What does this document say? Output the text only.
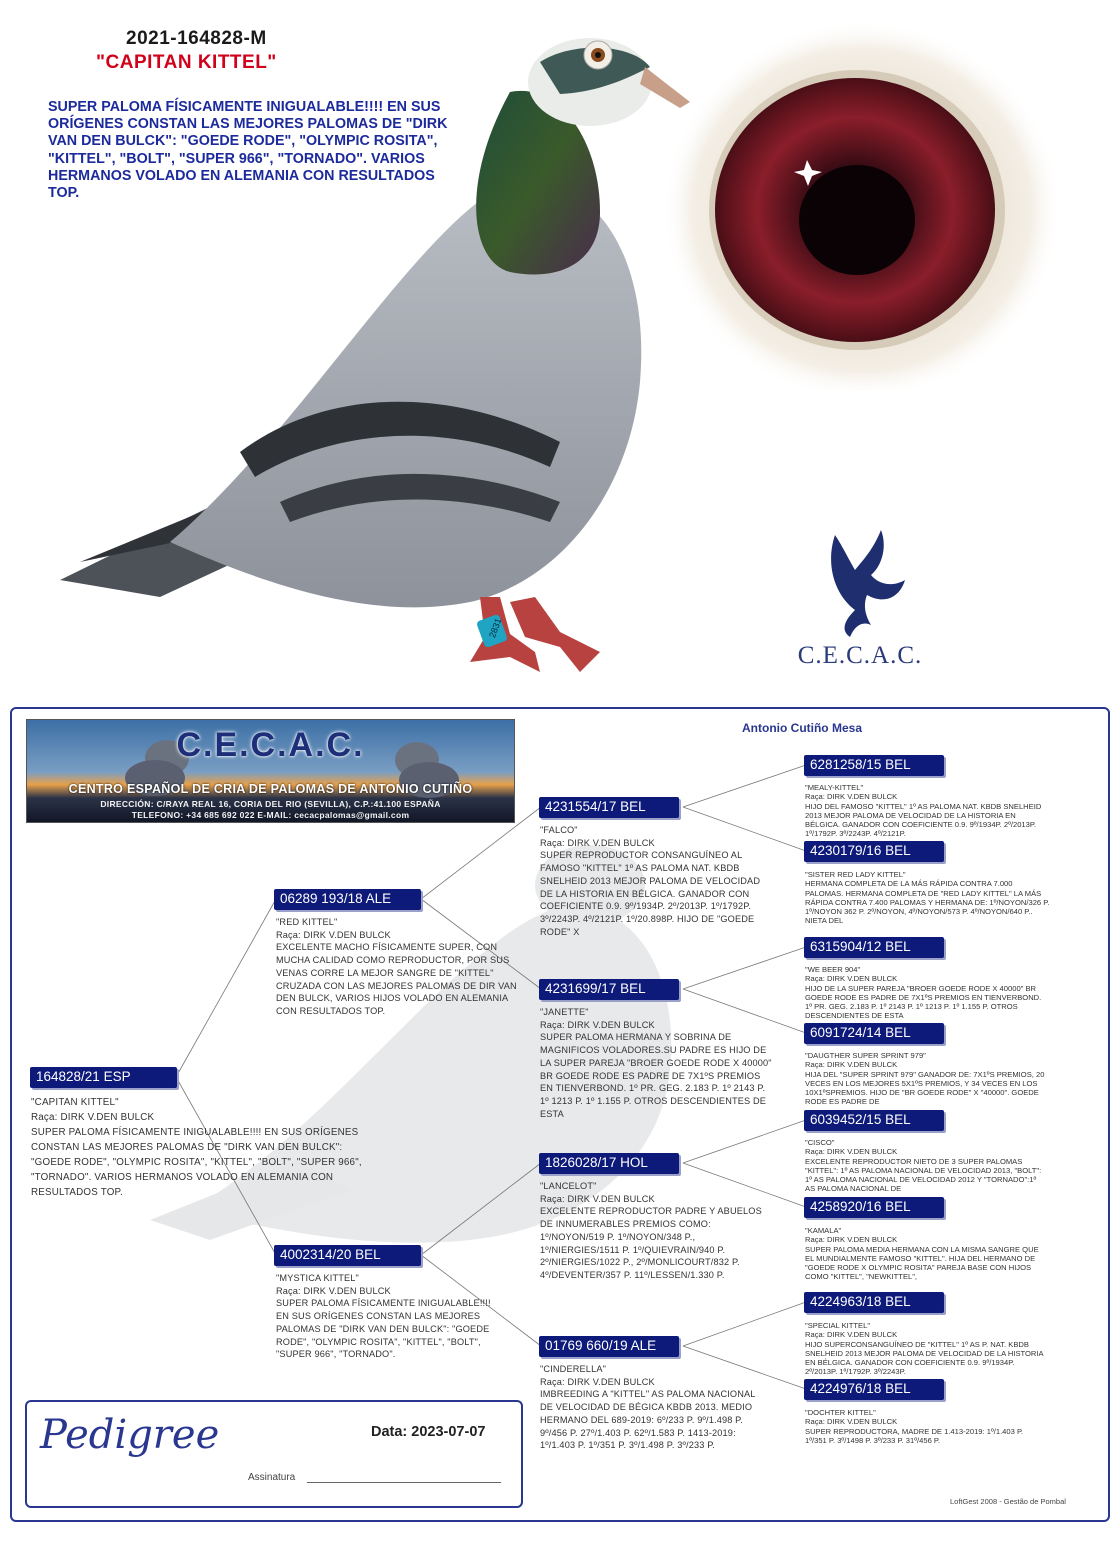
2021-164828-M
"CAPITAN KITTEL"
SUPER PALOMA FÍSICAMENTE INIGUALABLE!!!! EN SUS ORÍGENES CONSTAN LAS MEJORES PALOMAS DE "DIRK VAN DEN BULCK": "GOEDE RODE", "OLYMPIC ROSITA", "KITTEL", "BOLT", "SUPER 966", "TORNADO". VARIOS HERMANOS VOLADO EN ALEMANIA CON RESULTADOS TOP.
2831
C.E.C.A.C.
C.E.C.A.C.
CENTRO ESPAÑOL DE CRIA DE PALOMAS DE ANTONIO CUTIÑO
DIRECCIÓN: C/RAYA REAL 16, CORIA DEL RIO (SEVILLA), C.P.:41.100 ESPAÑA
TELEFONO: +34 685 692 022 E-MAIL: cecacpalomas@gmail.com
Antonio Cutiño Mesa
164828/21 ESP

"CAPITAN KITTEL"

Raça: DIRK V.DEN BULCK

SUPER PALOMA FÍSICAMENTE INIGUALABLE!!!! EN SUS ORÍGENES CONSTAN LAS MEJORES PALOMAS DE "DIRK VAN DEN BULCK": "GOEDE RODE", "OLYMPIC ROSITA", "KITTEL", "BOLT", "SUPER 966", "TORNADO". VARIOS HERMANOS VOLADO EN ALEMANIA CON RESULTADOS TOP.

06289 193/18 ALE

"RED KITTEL"

Raça: DIRK V.DEN BULCK

EXCELENTE MACHO FÍSICAMENTE SUPER, CON MUCHA CALIDAD COMO REPRODUCTOR, POR SUS VENAS CORRE LA MEJOR SANGRE DE "KITTEL" CRUZADA CON LAS MEJORES PALOMAS DE DIR VAN DEN BULCK, VARIOS HIJOS VOLADO EN ALEMANIA CON RESULTADOS TOP.

4002314/20 BEL

"MYSTICA KITTEL"

Raça: DIRK V.DEN BULCK

SUPER PALOMA FÍSICAMENTE INIGUALABLE!!!! EN SUS ORÍGENES CONSTAN LAS MEJORES PALOMAS DE "DIRK VAN DEN BULCK": "GOEDE RODE", "OLYMPIC ROSITA", "KITTEL", "BOLT", "SUPER 966", "TORNADO".

4231554/17 BEL

"FALCO"

Raça: DIRK V.DEN BULCK

SUPER REPRODUCTOR CONSANGUÍNEO AL FAMOSO "KITTEL" 1º AS PALOMA NAT. KBDB SNELHEID 2013 MEJOR PALOMA DE VELOCIDAD DE LA HISTORIA EN BÉLGICA. GANADOR CON COEFICIENTE 0.9. 9º/1934P. 2º/2013P. 1º/1792P. 3º/2243P. 4º/2121P. 1º/20.898P. HIJO DE "GOEDE RODE" X

4231699/17 BEL

"JANETTE"

Raça: DIRK V.DEN BULCK

SUPER PALOMA HERMANA Y SOBRINA DE MAGNIFICOS VOLADORES.SU PADRE ES HIJO DE LA SUPER PAREJA "BROER GOEDE RODE X 40000" BR GOEDE RODE ES PADRE DE 7X1ºS PREMIOS EN TIENVERBOND. 1º PR. GEG. 2.183 P. 1º 2143 P. 1º 1213 P. 1º 1.155 P. OTROS DESCENDIENTES DE ESTA

1826028/17 HOL

"LANCELOT"

Raça: DIRK V.DEN BULCK

EXCELENTE REPRODUCTOR PADRE Y ABUELOS DE INNUMERABLES PREMIOS COMO: 1º/NOYON/519 P. 1º/NOYON/348 P., 1º/NIERGIES/1511 P. 1º/QUIEVRAIN/940 P. 2º/NIERGIES/1022 P., 2º/MONLICOURT/832 P. 4º/DEVENTER/357 P. 11º/LESSEN/1.330 P.

01769 660/19 ALE

"CINDERELLA"

Raça: DIRK V.DEN BULCK

IMBREEDING A "KITTEL" AS PALOMA NACIONAL DE VELOCIDAD DE BÉGICA KBDB 2013. MEDIO HERMANO DEL 689-2019: 6º/233 P. 9º/1.498 P. 9º/456 P. 27º/1.403 P. 62º/1.583 P. 1413-2019: 1º/1.403 P. 1º/351 P. 3º/1.498 P. 3º/233 P.

6281258/15 BEL

"MEALY-KITTEL"

Raça: DIRK V.DEN BULCK

HIJO DEL FAMOSO "KITTEL" 1º AS PALOMA NAT. KBDB SNELHEID 2013 MEJOR PALOMA DE VELOCIDAD DE LA HISTORIA EN BÉLGICA. GANADOR CON COEFICIENTE 0.9. 9º/1934P. 2º/2013P. 1º/1792P. 3º/2243P. 4º/2121P.

4230179/16 BEL

"SISTER RED LADY KITTEL"

HERMANA COMPLETA DE LA MÁS RÁPIDA CONTRA 7.000 PALOMAS. HERMANA COMPLETA DE "RED LADY KITTEL" LA MÁS RÁPIDA CONTRA 7.400 PALOMAS Y HERMANA DE: 1º/NOYON/326 P. 1º/NOYON 362 P. 2º/NOYON, 4º/NOYON/573 P. 4º/NOYON/640 P.. NIETA DEL

6315904/12 BEL

"WE BEER 904"

Raça: DIRK V.DEN BULCK

HIJO DE LA SUPER PAREJA "BROER GOEDE RODE X 40000" BR GOEDE RODE ES PADRE DE 7X1ºS PREMIOS EN TIENVERBOND. 1º PR. GEG. 2.183 P. 1º 2143 P. 1º 1213 P. 1º 1.155 P. OTROS DESCENDIENTES DE ESTA

6091724/14 BEL

"DAUGTHER SUPER SPRINT 979"

Raça: DIRK V.DEN BULCK

HIJA DEL "SUPER SPRINT 979" GANADOR DE: 7X1ºS PREMIOS, 20 VECES EN LOS MEJORES 5X1ºS PREMIOS, Y 34 VECES EN LOS 10X1ºSPREMIOS. HIJO DE "BR GOEDE RODE" X "40000". GOEDE RODE ES PADRE DE

6039452/15 BEL

"CISCO"

Raça: DIRK V.DEN BULCK

EXCELENTE REPRODUCTOR NIETO DE 3 SUPER PALOMAS "KITTEL": 1º AS PALOMA NACIONAL DE VELOCIDAD 2013, "BOLT": 1º AS PALOMA NACIONAL DE VELOCIDAD 2012 Y "TORNADO":1º AS PALOMA NACIONAL DE

4258920/16 BEL

"KAMALA"

Raça: DIRK V.DEN BULCK

SUPER PALOMA MEDIA HERMANA CON LA MISMA SANGRE QUE EL MUNDIALMENTE FAMOSO "KITTEL". HIJA DEL HERMANO DE "GOEDE RODE X OLYMPIC ROSITA" PAREJA BASE CON HIJOS COMO "KITTEL", "NEWKITTEL",

4224963/18 BEL

"SPECIAL KITTEL"

Raça: DIRK V.DEN BULCK

HIJO SUPERCONSANGUÍNEO DE "KITTEL" 1º AS P. NAT. KBDB SNELHEID 2013 MEJOR PALOMA DE VELOCIDAD DE LA HISTORIA EN BÉLGICA. GANADOR CON COEFICIENTE 0.9. 9º/1934P. 2º/2013P. 1º/1792P. 3º/2243P.

4224976/18 BEL

"DOCHTER KITTEL"

Raça: DIRK V.DEN BULCK

SUPER REPRODUCTORA, MADRE DE 1.413-2019: 1º/1.403 P. 1º/351 P. 3º/1498 P. 3º/233 P. 31º/456 P.

Pedigree	Data: 2023-07-07
Assinatura
LoftGest 2008 - Gestão de Pombal
